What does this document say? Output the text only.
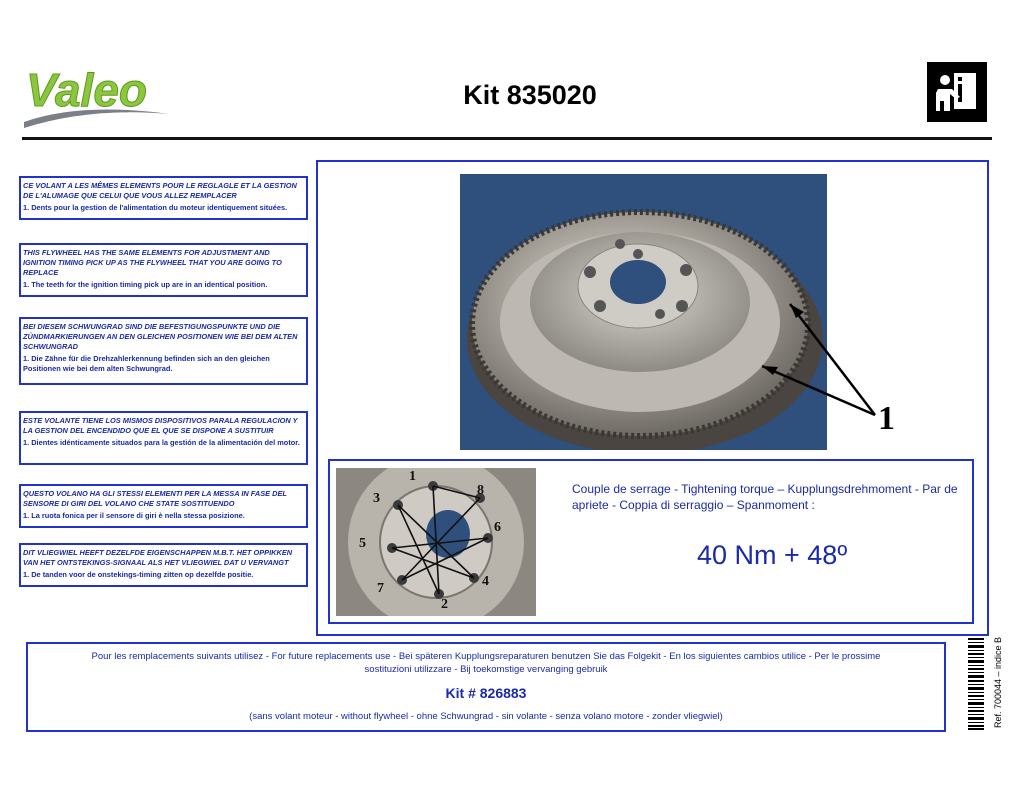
Valeo	Kit 835020
CE VOLANT A LES MÊMES ELEMENTS POUR LE REGLAGLE ET LA GESTION DE L'ALUMAGE QUE CELUI QUE VOUS ALLEZ REMPLACER
1. Dents pour la gestion de l'alimentation du moteur identiquement situées.
THIS FLYWHEEL HAS THE SAME ELEMENTS FOR ADJUSTMENT AND IGNITION TIMING PICK UP AS THE FLYWHEEL THAT YOU ARE GOING TO REPLACE
1. The teeth for the ignition timing pick up are in an identical position.
BEI DIESEM SCHWUNGRAD SIND DIE BEFESTIGUNGSPUNKTE UND DIE ZÜNDMARKIERUNGEN AN DEN GLEICHEN POSITIONEN WIE BEI DEM ALTEN SCHWUNGRAD
1. Die Zähne für die Drehzahlerkennung befinden sich an den gleichen Positionen wie bei dem alten Schwungrad.
ESTE VOLANTE TIENE LOS MISMOS DISPOSITIVOS PARALA REGULACION Y LA GESTION DEL ENCENDIDO QUE EL QUE SE DISPONE A SUSTITUIR
1. Dientes idénticamente situados para la gestión de la alimentación del motor.
QUESTO VOLANO HA GLI STESSI ELEMENTI PER LA MESSA IN FASE DEL SENSORE DI GIRI DEL VOLANO CHE STATE SOSTITUENDO
1. La ruota fonica per il sensore di giri è nella stessa posizione.
DIT VLIEGWIEL HEEFT DEZELFDE EIGENSCHAPPEN M.B.T. HET OPPIKKEN VAN HET ONTSTEKINGS-SIGNAAL ALS HET VLIEGWIEL DAT U VERVANGT
1. De tanden voor de onstekings-timing zitten op dezelfde positie.
1
1
2
3
4
5
6
7
8	Couple de serrage - Tightening torque – Kupplungsdrehmoment - Par de apriete - Coppia di serraggio – Spanmoment :
40 Nm + 48º
Pour les remplacements suivants utilisez - For future replacements use - Bei späteren Kupplungsreparaturen benutzen Sie das Folgekit - En los siguientes cambios utilice - Per le prossime sostituzioni utilizzare - Bij toekomstige vervanging gebruik
Kit # 826883
(sans volant moteur - without flywheel - ohne Schwungrad - sin volante - senza volano motore - zonder vliegwiel)	Ref. 700044 – indice B
